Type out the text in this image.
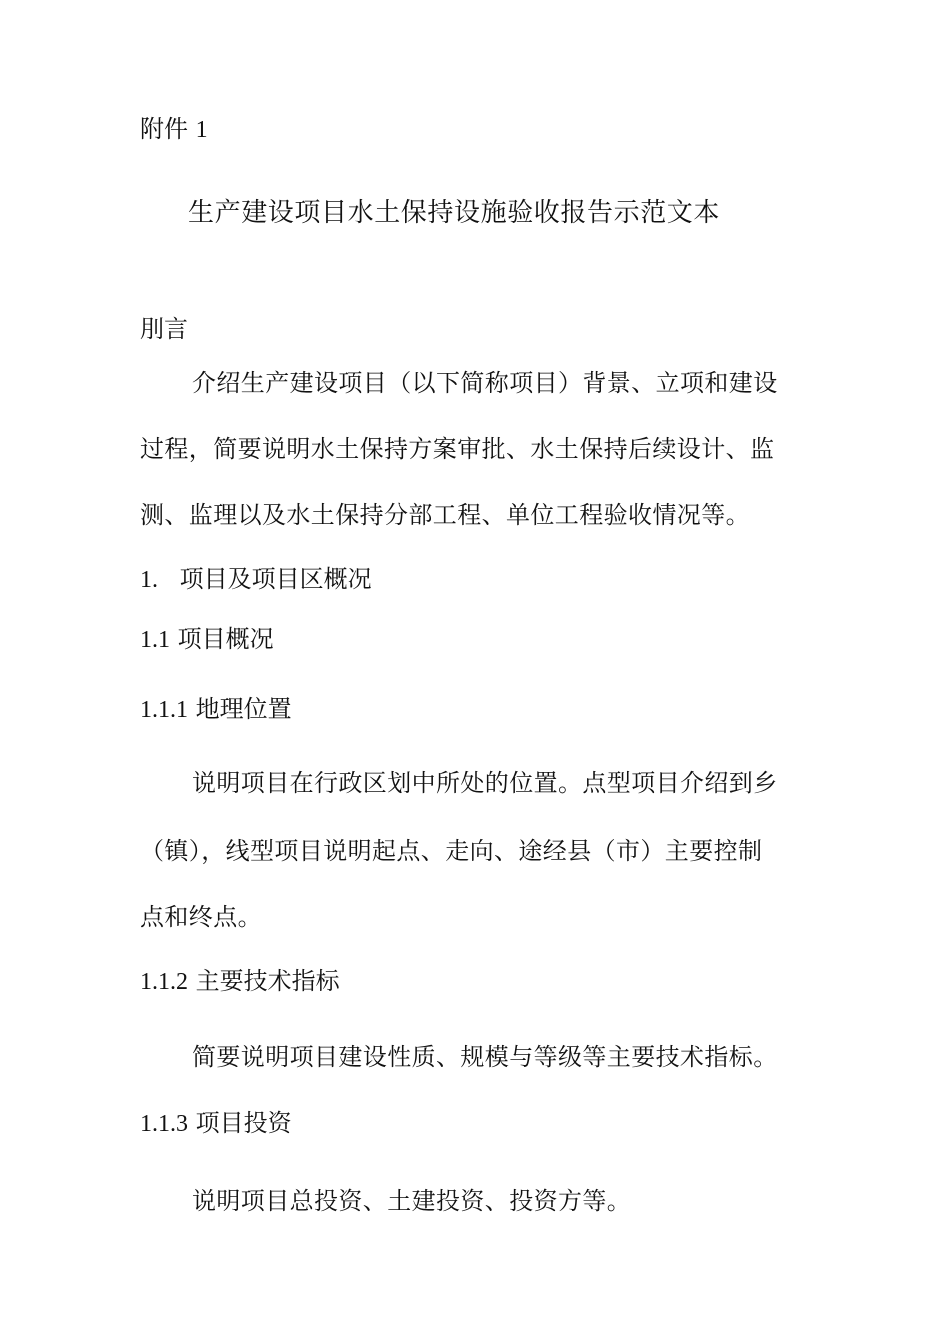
附件 1
生产建设项目水土保持设施验收报告示范文本
刖言
介绍生产建设项目（以下简称项目）背景、立项和建设
过程，简要说明水土保持方案审批、水土保持后续设计、监
测、监理以及水土保持分部工程、单位工程验收情况等。
1. 项目及项目区概况
1.1 项目概况
1.1.1 地理位置
说明项目在行政区划中所处的位置。点型项目介绍到乡
（镇），线型项目说明起点、走向、途经县（市）主要控制
点和终点。
1.1.2 主要技术指标
简要说明项目建设性质、规模与等级等主要技术指标。
1.1.3 项目投资
说明项目总投资、土建投资、投资方等。
